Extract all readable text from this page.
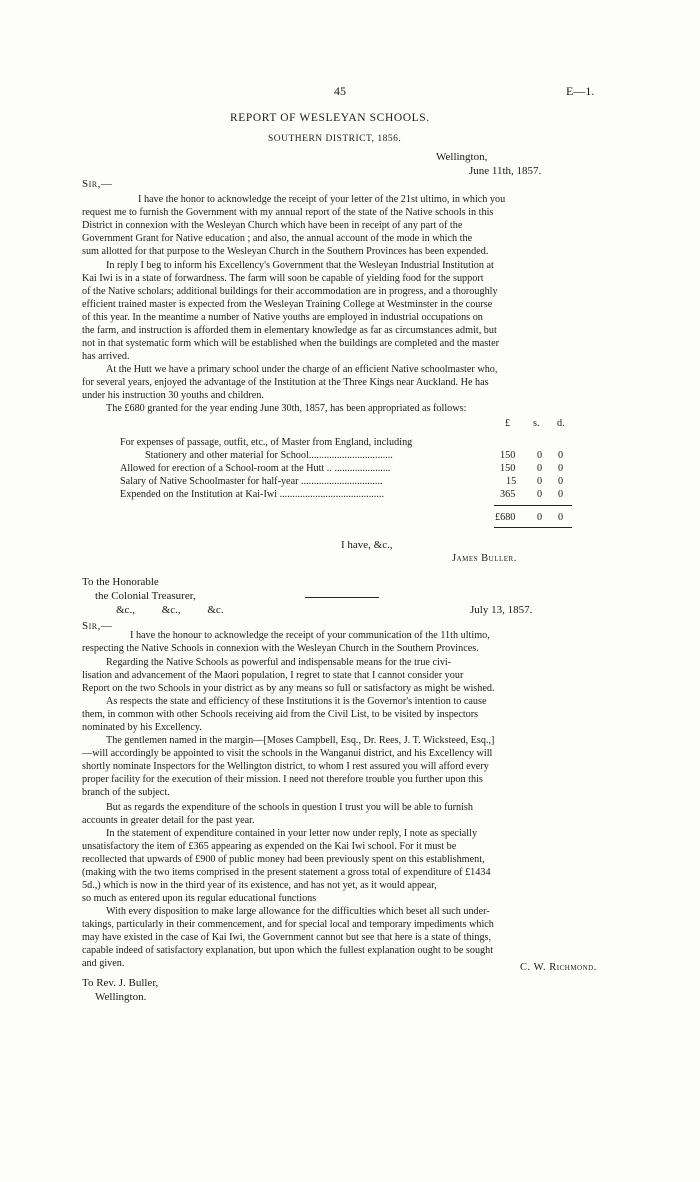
45	E—1.
REPORT OF WESLEYAN SCHOOLS.
SOUTHERN DISTRICT, 1856.
Wellington,
June 11th, 1857.
Sir,—
I have the honor to acknowledge the receipt of your letter of the 21st ultimo, in which you
request me to furnish the Government with my annual report of the state of the Native schools in this
District in connexion with the Wesleyan Church which have been in receipt of any part of the
Government Grant for Native education ; and also, the annual account of the mode in which the
sum allotted for that purpose to the Wesleyan Church in the Southern Provinces has been expended.
In reply I beg to inform his Excellency's Government that the Wesleyan Industrial Institution at
Kai Iwi is in a state of forwardness. The farm will soon be capable of yielding food for the support
of the Native scholars; additional buildings for their accommodation are in progress, and a thoroughly
efficient trained master is expected from the Wesleyan Training College at Westminster in the course
of this year. In the meantime a number of Native youths are employed in industrial occupations on
the farm, and instruction is afforded them in elementary knowledge as far as circumstances admit, but
not in that systematic form which will be established when the buildings are completed and the master
has arrived.
At the Hutt we have a primary school under the charge of an efficient Native schoolmaster who,
for several years, enjoyed the advantage of the Institution at the Three Kings near Auckland. He has
under his instruction 30 youths and children.
The £680 granted for the year ending June 30th, 1857, has been appropriated as follows:
£ s. d.
For expenses of passage, outfit, etc., of Master from England, including
Stationery and other material for School.................................	150 0 0
Allowed for erection of a School-room at the Hutt .. ......................	150 0 0
Salary of Native Schoolmaster for half-year ................................	15 0 0
Expended on the Institution at Kai-Iwi .........................................	365 0 0
£680 0 0
I have, &c.,
James Buller.
To the Honorable
the Colonial Treasurer,
&c., &c., &c.	July 13, 1857.
Sir,—
I have the honour to acknowledge the receipt of your communication of the 11th ultimo,
respecting the Native Schools in connexion with the Wesleyan Church in the Southern Provinces.
Regarding the Native Schools as powerful and indispensable means for the true civi-
lisation and advancement of the Maori population, I regret to state that I cannot consider your
Report on the two Schools in your district as by any means so full or satisfactory as might be wished.
As respects the state and efficiency of these Institutions it is the Governor's intention to cause
them, in common with other Schools receiving aid from the Civil List, to be visited by inspectors
nominated by his Excellency.
The gentlemen named in the margin—[Moses Campbell, Esq., Dr. Rees, J. T. Wicksteed, Esq.,]
—will accordingly be appointed to visit the schools in the Wanganui district, and his Excellency will
shortly nominate Inspectors for the Wellington district, to whom I rest assured you will afford every
proper facility for the execution of their mission. I need not therefore trouble you further upon this
branch of the subject.
But as regards the expenditure of the schools in question I trust you will be able to furnish
accounts in greater detail for the past year.
In the statement of expenditure contained in your letter now under reply, I note as specially
unsatisfactory the item of £365 appearing as expended on the Kai Iwi school. For it must be
recollected that upwards of £900 of public money had been previously spent on this establishment,
(making with the two items comprised in the present statement a gross total of expenditure of £1434
5d.,) which is now in the third year of its existence, and has not yet, as it would appear,
so much as entered upon its regular educational functions
With every disposition to make large allowance for the difficulties which beset all such under-
takings, particularly in their commencement, and for special local and temporary impediments which
may have existed in the case of Kai Iwi, the Government cannot but see that here is a state of things,
capable indeed of satisfactory explanation, but upon which the fullest explanation ought to be sought
and given.	C. W. Richmond.
To Rev. J. Buller,
Wellington.
